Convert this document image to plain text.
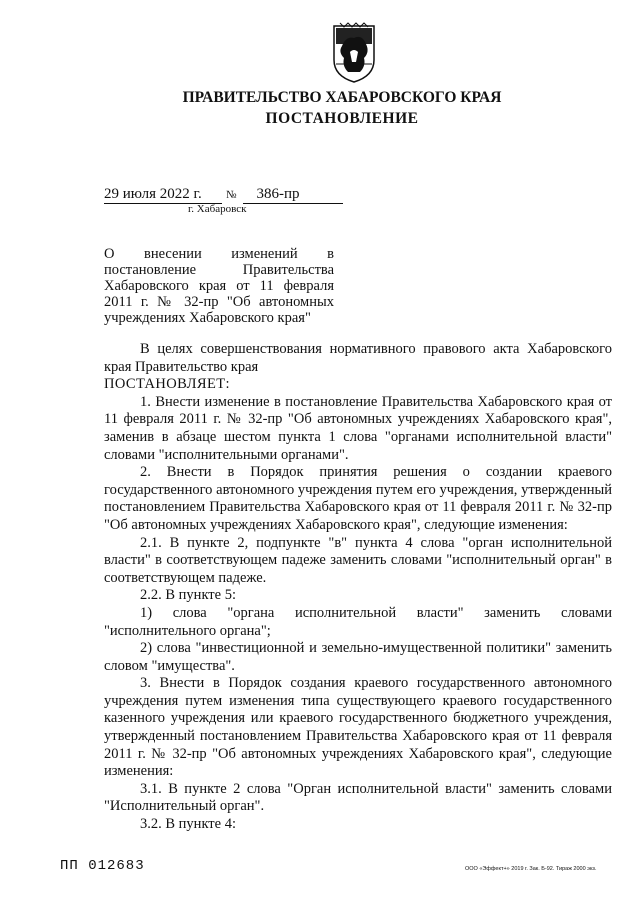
ПРАВИТЕЛЬСТВО ХАБАРОВСКОГО КРАЯ
ПОСТАНОВЛЕНИЕ
29 июля 2022 г. № 386-пр
г. Хабаровск
О внесении изменений в постановление Правительства Хабаровского края от 11 февраля 2011 г. № 32-пр "Об автономных учреждениях Хабаровского края"

В целях совершенствования нормативного правового акта Хабаровского края Правительство края

ПОСТАНОВЛЯЕТ:

1. Внести изменение в постановление Правительства Хабаровского края от 11 февраля 2011 г. № 32-пр "Об автономных учреждениях Хабаровского края", заменив в абзаце шестом пункта 1 слова "органами исполнительной власти" словами "исполнительными органами".

2. Внести в Порядок принятия решения о создании краевого государственного автономного учреждения путем его учреждения, утвержденный постановлением Правительства Хабаровского края от 11 февраля 2011 г. № 32-пр "Об автономных учреждениях Хабаровского края", следующие изменения:

2.1. В пункте 2, подпункте "в" пункта 4 слова "орган исполнительной власти" в соответствующем падеже заменить словами "исполнительный орган" в соответствующем падеже.

2.2. В пункте 5:

1) слова "органа исполнительной власти" заменить словами "исполнительного органа";

2) слова "инвестиционной и земельно-имущественной политики" заменить словом "имущества".

3. Внести в Порядок создания краевого государственного автономного учреждения путем изменения типа существующего краевого государственного казенного учреждения или краевого государственного бюджетного учреждения, утвержденный постановлением Правительства Хабаровского края от 11 февраля 2011 г. № 32-пр "Об автономных учреждениях Хабаровского края", следующие изменения:

3.1. В пункте 2 слова "Орган исполнительной власти" заменить словами "Исполнительный орган".

3.2. В пункте 4:

ПП 012683	ООО «Эффект+» 2019 г. Зак. Б-92. Тираж 2000 экз.
